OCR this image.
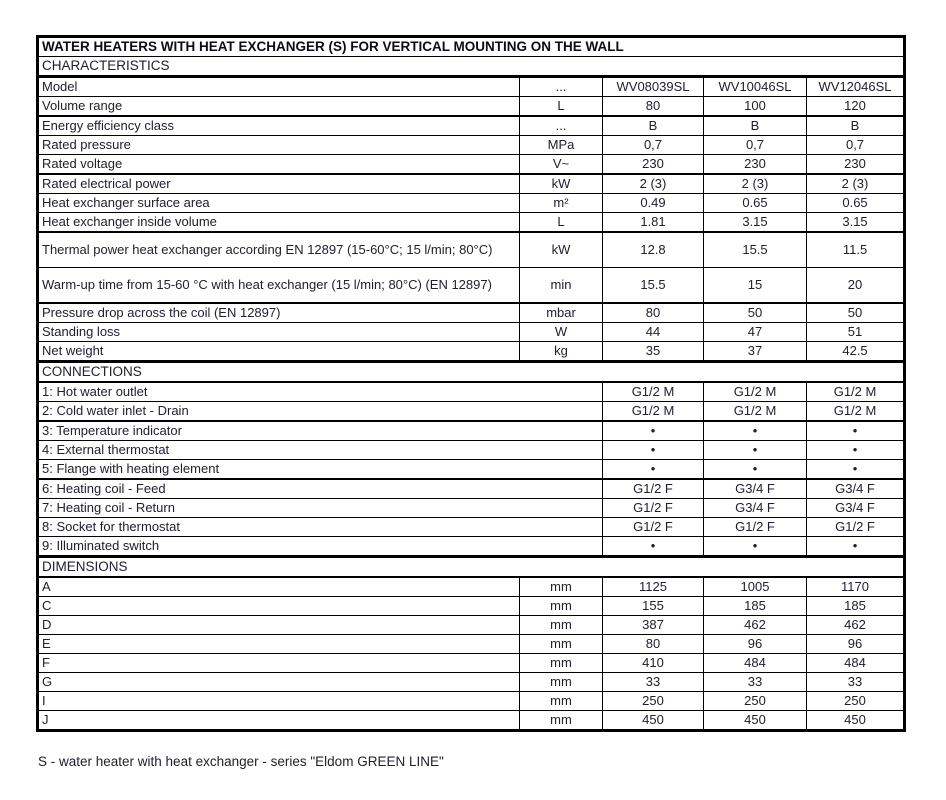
WATER HEATERS WITH HEAT EXCHANGER (S) FOR VERTICAL MOUNTING ON THE WALL				
CHARACTERISTICS				
Model	...	WV08039SL	WV10046SL	WV12046SL
Volume range	L	80	100	120
Energy efficiency class	...	B	B	B
Rated pressure	MPa	0,7	0,7	0,7
Rated voltage	V~	230	230	230
Rated electrical power	kW	2 (3)	2 (3)	2 (3)
Heat exchanger surface area	m²	0.49	0.65	0.65
Heat exchanger inside volume	L	1.81	3.15	3.15
Thermal power heat exchanger according EN 12897 (15-60°C; 15 l/min; 80°C)	kW	12.8	15.5	11.5
Warm-up time from 15-60 °C with heat exchanger (15 l/min; 80°C) (EN 12897)	min	15.5	15	20
Pressure drop across the coil (EN 12897)	mbar	80	50	50
Standing loss	W	44	47	51
Net weight	kg	35	37	42.5
CONNECTIONS				
1: Hot water outlet		G1/2 M	G1/2 M	G1/2 M
2: Cold water inlet - Drain		G1/2 M	G1/2 M	G1/2 M
3: Temperature indicator		•	•	•
4: External thermostat		•	•	•
5: Flange with heating element		•	•	•
6: Heating coil - Feed		G1/2 F	G3/4 F	G3/4 F
7: Heating coil - Return		G1/2 F	G3/4 F	G3/4 F
8: Socket for thermostat		G1/2 F	G1/2 F	G1/2 F
9: Illuminated switch		•	•	•
DIMENSIONS				
A	mm	1125	1005	1170
C	mm	155	185	185
D	mm	387	462	462
E	mm	80	96	96
F	mm	410	484	484
G	mm	33	33	33
I	mm	250	250	250
J	mm	450	450	450
S - water heater with heat exchanger - series "Eldom GREEN LINE"
